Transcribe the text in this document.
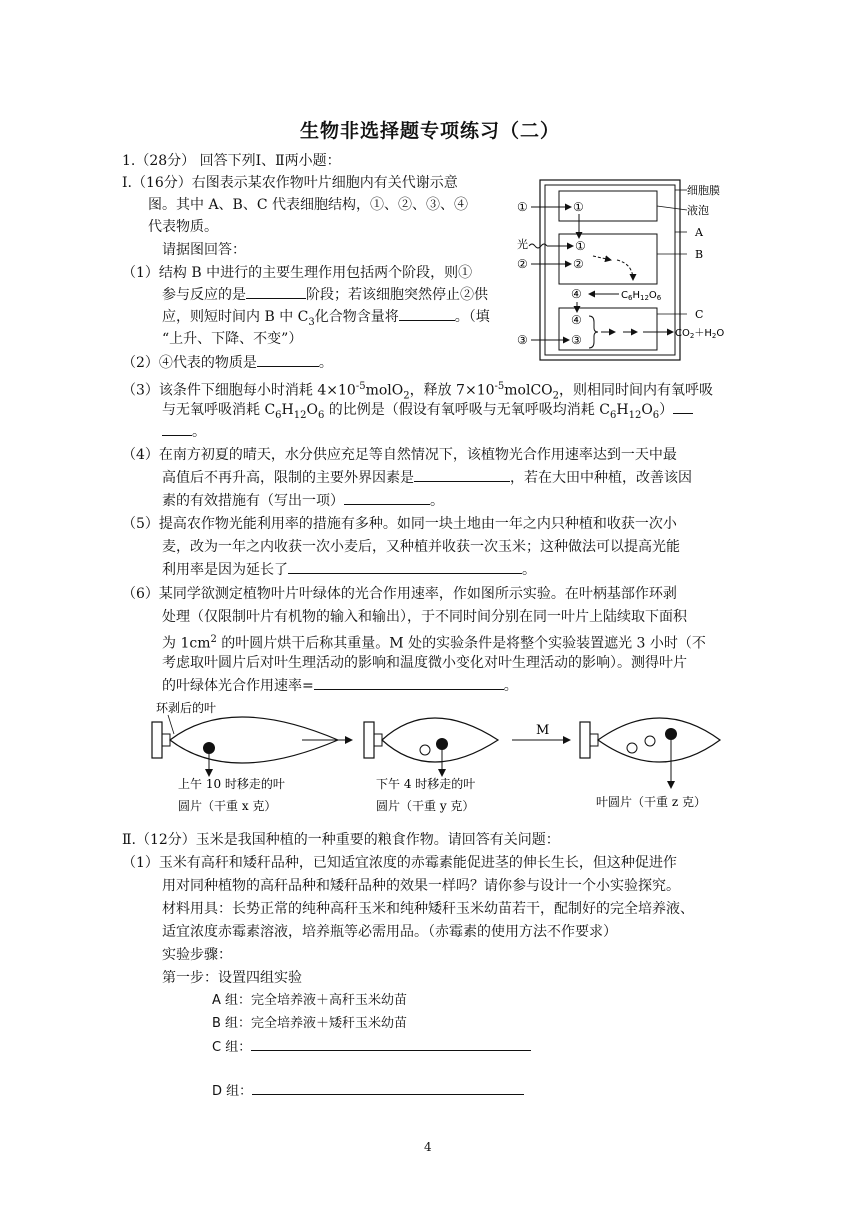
生物非选择题专项练习（二）
1.（28分） 回答下列Ⅰ、Ⅱ两小题：
Ⅰ.（16分）右图表示某农作物叶片细胞内有关代谢示意
图。其中 A、B、C 代表细胞结构，①、②、③、④
代表物质。
请据图回答：
（1）结构 B 中进行的主要生理作用包括两个阶段，则①
参与反应的是	阶段；若该细胞突然停止②供
应，则短时间内 B 中 $C_3$化合物含量将	。（填
“上升、下降、不变”）
（2）④代表的物质是	。
（3）该条件下细胞每小时消耗 $4\times 10^{-5}molO_2$，释放 $7\times 10^{-5}molCO_2$，则相同时间内有氧呼吸
与无氧呼吸消耗 $C_6H_{12}O_6$ 的比例是（假设有氧呼吸与无氧呼吸均消耗 $C_6H_{12}O_6$）
。
（4）在南方初夏的晴天，水分供应充足等自然情况下，该植物光合作用速率达到一天中最
高值后不再升高，限制的主要外界因素是	，若在大田中种植，改善该因
素的有效措施有（写出一项）	。
（5）提高农作物光能利用率的措施有多种。如同一块土地由一年之内只种植和收获一次小
麦，改为一年之内收获一次小麦后，又种植并收获一次玉米；这种做法可以提高光能
利用率是因为延长了	。
（6）某同学欲测定植物叶片叶绿体的光合作用速率，作如图所示实验。在叶柄基部作环剥
处理（仅限制叶片有机物的输入和输出），于不同时间分别在同一叶片上陆续取下面积
为 $1cm^2$ 的叶圆片烘干后称其重量。M 处的实验条件是将整个实验装置遮光 3 小时（不
考虑取叶圆片后对叶生理活动的影响和温度微小变化对叶生理活动的影响）。测得叶片
的叶绿体光合作用速率=	。
细胞膜
液泡
A
B
C
①	①
光	①
②	②
④	$C_6H_{12}O_6$
④
③	③	$CO_2+H_2O$
环剥后的叶
M
上午 10 时移走的叶
圆片（干重 x 克）
下午 4 时移走的叶
圆片（干重 y 克）	叶圆片（干重 z 克）
Ⅱ.（12分）玉米是我国种植的一种重要的粮食作物。请回答有关问题：
（1）玉米有高秆和矮秆品种，已知适宜浓度的赤霉素能促进茎的伸长生长，但这种促进作
用对同种植物的高秆品种和矮秆品种的效果一样吗？请你参与设计一个小实验探究。
材料用具：长势正常的纯种高秆玉米和纯种矮秆玉米幼苗若干，配制好的完全培养液、
适宜浓度赤霉素溶液，培养瓶等必需用品。（赤霉素的使用方法不作要求）
实验步骤：
第一步：设置四组实验
A 组：完全培养液＋高秆玉米幼苗
B 组：完全培养液＋矮秆玉米幼苗
C 组：
D 组：
4
